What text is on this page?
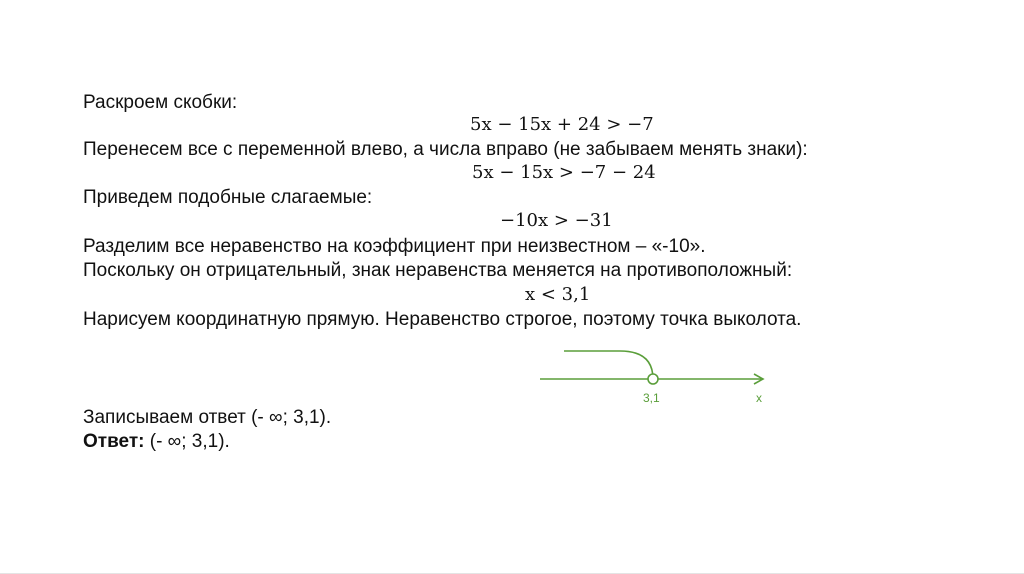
Раскроем скобки:
5x − 15x + 24 > −7
Перенесем все с переменной влево, а числа вправо (не забываем менять знаки):
5x − 15x > −7 − 24
Приведем подобные слагаемые:
−10x > −31
Разделим все неравенство на коэффициент при неизвестном – «-10».
Поскольку он отрицательный, знак неравенства меняется на противоположный:
x < 3,1
Нарисуем координатную прямую. Неравенство строгое, поэтому точка выколота.
3,1	x
Записываем ответ (- ∞; 3,1).
Ответ: (- ∞; 3,1).
